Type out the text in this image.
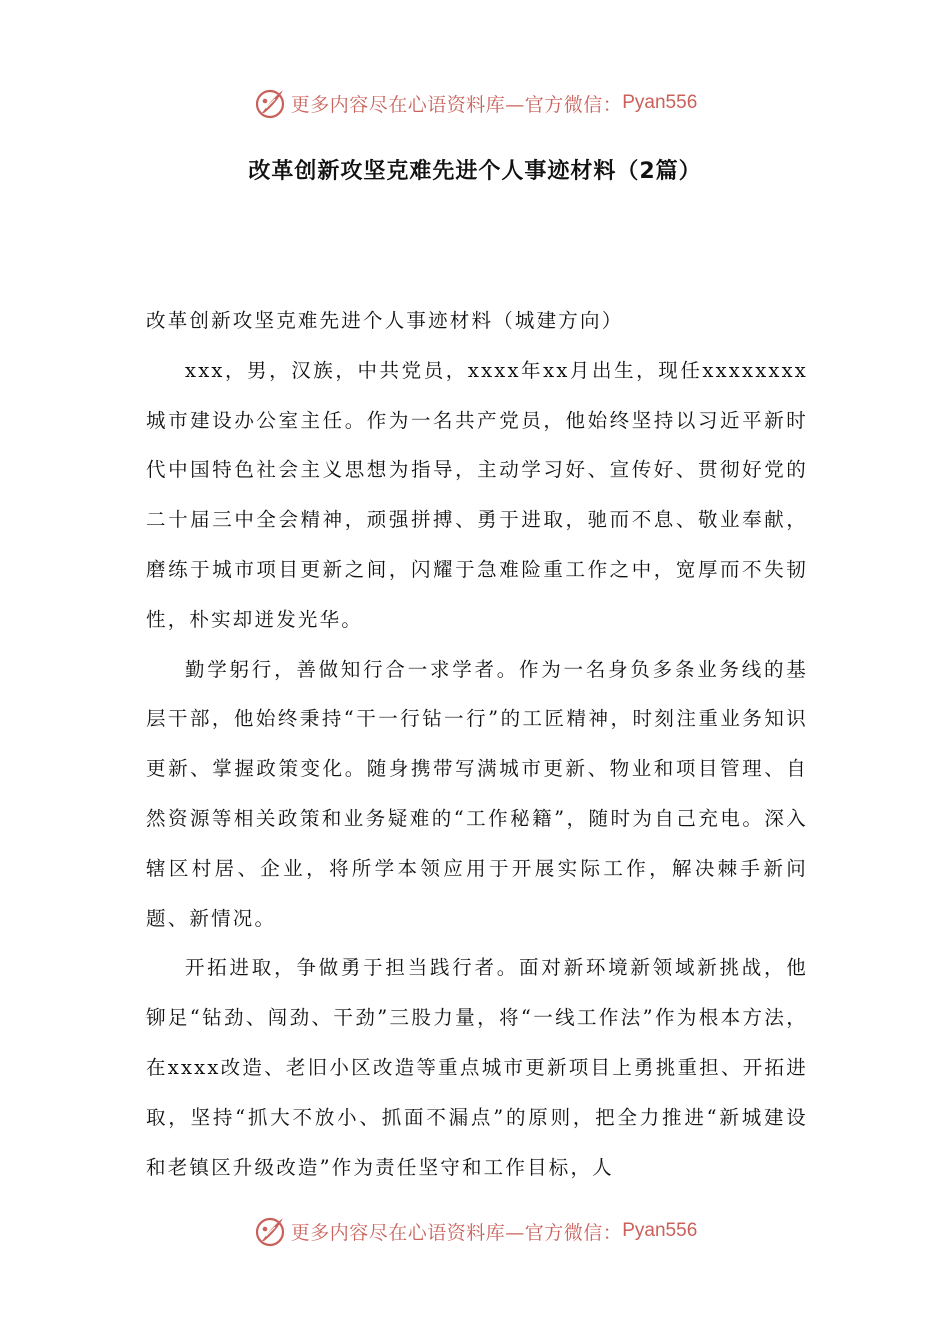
更多内容尽在心语资料库—官方微信： Pyan556
改革创新攻坚克难先进个人事迹材料（2篇）

改革创新攻坚克难先进个人事迹材料（城建方向）

xxx，男，汉族，中共党员，xxxx年xx月出生，现任xxxxxxxx城市建设办公室主任。作为一名共产党员，他始终坚持以习近平新时代中国特色社会主义思想为指导，主动学习好、宣传好、贯彻好党的二十届三中全会精神，顽强拼搏、勇于进取，驰而不息、敬业奉献，磨练于城市项目更新之间，闪耀于急难险重工作之中，宽厚而不失韧性，朴实却迸发光华。

勤学躬行，善做知行合一求学者。作为一名身负多条业务线的基层干部，他始终秉持“干一行钻一行”的工匠精神，时刻注重业务知识更新、掌握政策变化。随身携带写满城市更新、物业和项目管理、自然资源等相关政策和业务疑难的“工作秘籍”，随时为自己充电。深入辖区村居、企业，将所学本领应用于开展实际工作，解决棘手新问题、新情况。

开拓进取，争做勇于担当践行者。面对新环境新领域新挑战，他铆足“钻劲、闯劲、干劲”三股力量，将“一线工作法”作为根本方法，在xxxx改造、老旧小区改造等重点城市更新项目上勇挑重担、开拓进取，坚持“抓大不放小、抓面不漏点”的原则，把全力推进“新城建设和老镇区升级改造”作为责任坚守和工作目标，人

更多内容尽在心语资料库—官方微信： Pyan556
